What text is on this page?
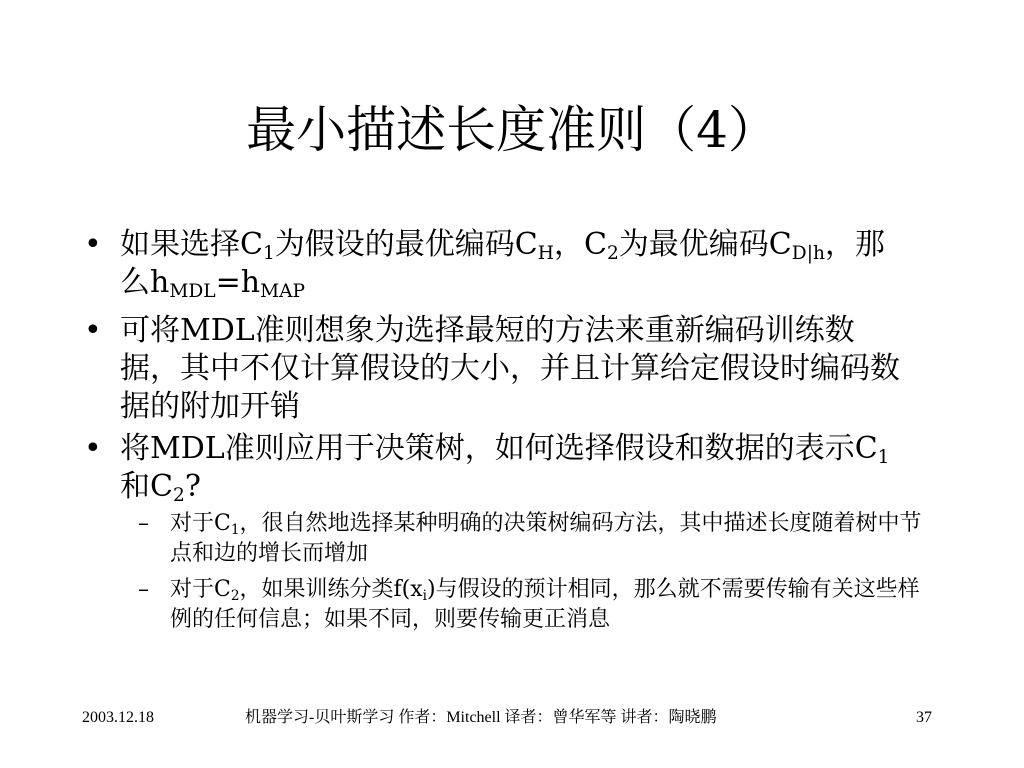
最小描述长度准则（4）
• 如果选择$C_1$为假设的最优编码$C_H$，$C_2$为最优编码$C_{D|h}$，那么$h_{MDL}=h_{MAP}$
• 可将MDL准则想象为选择最短的方法来重新编码训练数据，其中不仅计算假设的大小，并且计算给定假设时编码数据的附加开销
• 将MDL准则应用于决策树，如何选择假设和数据的表示$C_1$和$C_2$?
– 对于$C_1$，很自然地选择某种明确的决策树编码方法，其中描述长度随着树中节点和边的增长而增加
– 对于$C_2$，如果训练分类$f(x_i)$与假设的预计相同，那么就不需要传输有关这些样例的任何信息；如果不同，则要传输更正消息
2003.12.18	机器学习-贝叶斯学习 作者：Mitchell 译者：曾华军等 讲者：陶晓鹏	37
